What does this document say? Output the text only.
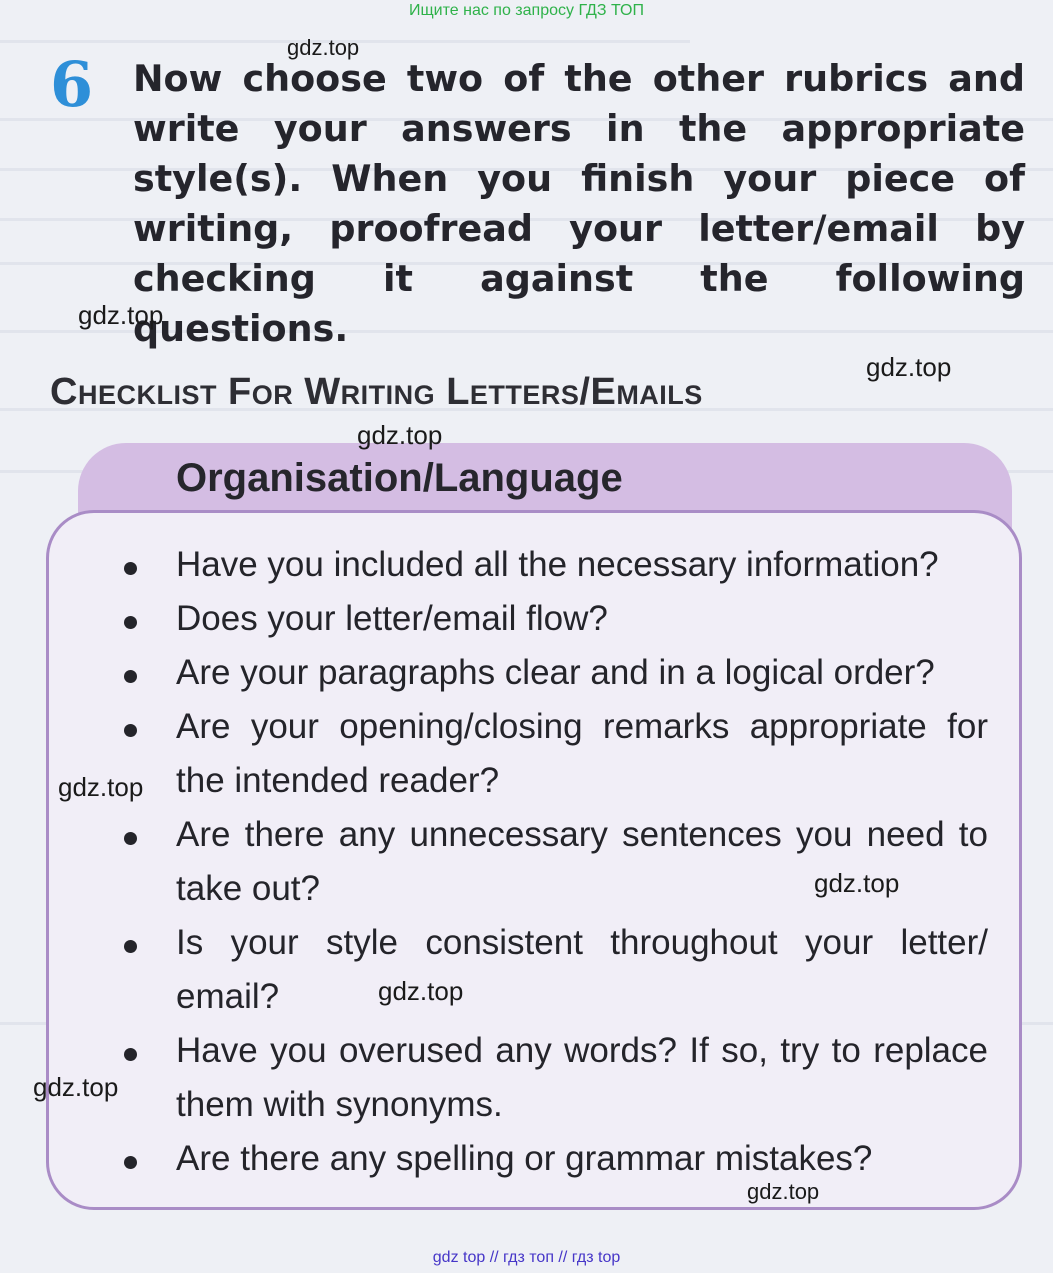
Ищите нас по запросу ГДЗ ТОП
6 Now choose two of the other rubrics and write your answers in the appropriate style(s). When you finish your piece of writing, proofread your letter/email by checking it against the following questions.

Checklist For Writing Letters/Emails
Organisation/Language
Have you included all the necessary information?
Does your letter/email flow?
Are your paragraphs clear and in a logical order?
Are your opening/closing remarks appropriate for the intended reader?
Are there any unnecessary sentences you need to take out?
Is your style consistent throughout your letter/ email?
Have you overused any words? If so, try to replace them with synonyms.
Are there any spelling or grammar mistakes?
gdz.top
gdz.top
gdz.top
gdz.top
gdz.top
gdz.top
gdz.top
gdz.top
gdz.top
gdz top // гдз топ // гдз top
